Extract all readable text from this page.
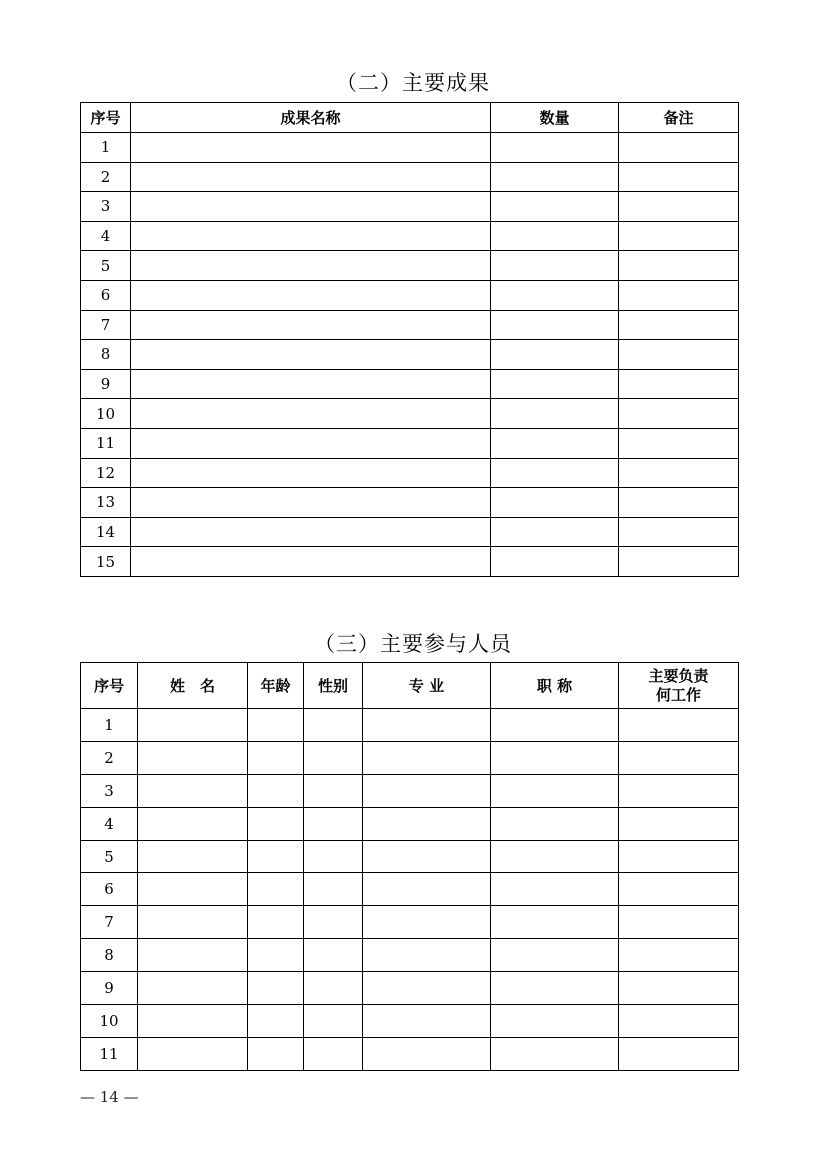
（二）主要成果
序号	成果名称	数量	备注
1			
2			
3			
4			
5			
6			
7			
8			
9			
10			
11			
12			
13			
14			
15			
（三）主要参与人员
序号	姓　名	年龄	性别	专 业	职 称	主要负责
何工作

1						
2						
3						
4						
5						
6						
7						
8						
9						
10						
11						
— 14 —
